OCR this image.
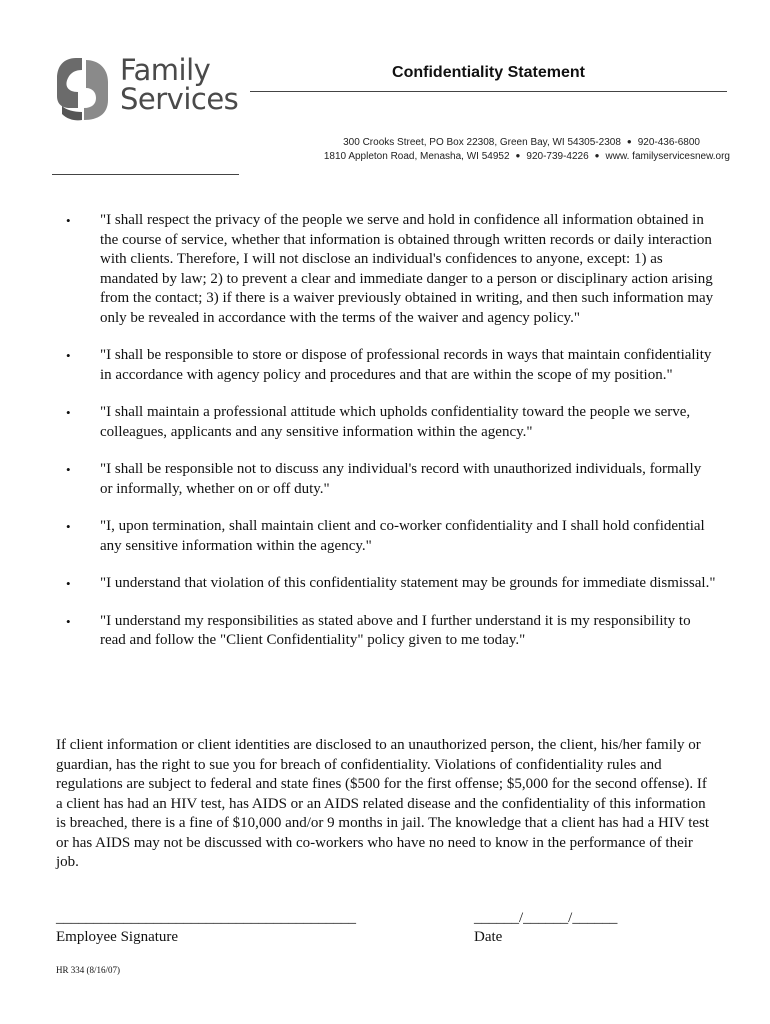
Family
Services
Confidentiality Statement
300 Crooks Street, PO Box 22308, Green Bay, WI 54305-2308 ● 920-436-6800
1810 Appleton Road, Menasha, WI 54952 ● 920-739-4226 ● www. familyservicesnew.org
• "I shall respect the privacy of the people we serve and hold in confidence all information obtained in the course of service, whether that information is obtained through written records or daily interaction with clients. Therefore, I will not disclose an individual's confidences to anyone, except: 1) as mandated by law; 2) to prevent a clear and immediate danger to a person or disciplinary action arising from the contact; 3) if there is a waiver previously obtained in writing, and then such information may only be revealed in accordance with the terms of the waiver and agency policy."
• "I shall be responsible to store or dispose of professional records in ways that maintain confidentiality in accordance with agency policy and procedures and that are within the scope of my position."
• "I shall maintain a professional attitude which upholds confidentiality toward the people we serve, colleagues, applicants and any sensitive information within the agency."
• "I shall be responsible not to discuss any individual's record with unauthorized individuals, formally or informally, whether on or off duty."
• "I, upon termination, shall maintain client and co-worker confidentiality and I shall hold confidential any sensitive information within the agency."
• "I understand that violation of this confidentiality statement may be grounds for immediate dismissal."
• "I understand my responsibilities as stated above and I further understand it is my responsibility to read and follow the "Client Confidentiality" policy given to me today."

If client information or client identities are disclosed to an unauthorized person, the client, his/her family or guardian, has the right to sue you for breach of confidentiality. Violations of confidentiality rules and regulations are subject to federal and state fines ($500 for the first offense; $5,000 for the second offense). If a client has had an HIV test, has AIDS or an AIDS related disease and the confidentiality of this information is breached, there is a fine of $10,000 and/or 9 months in jail. The knowledge that a client has had a HIV test or has AIDS may not be discussed with co-workers who have no need to know in the performance of their job.

________________________________________
Employee Signature
______/______/______
Date
HR 334 (8/16/07)
